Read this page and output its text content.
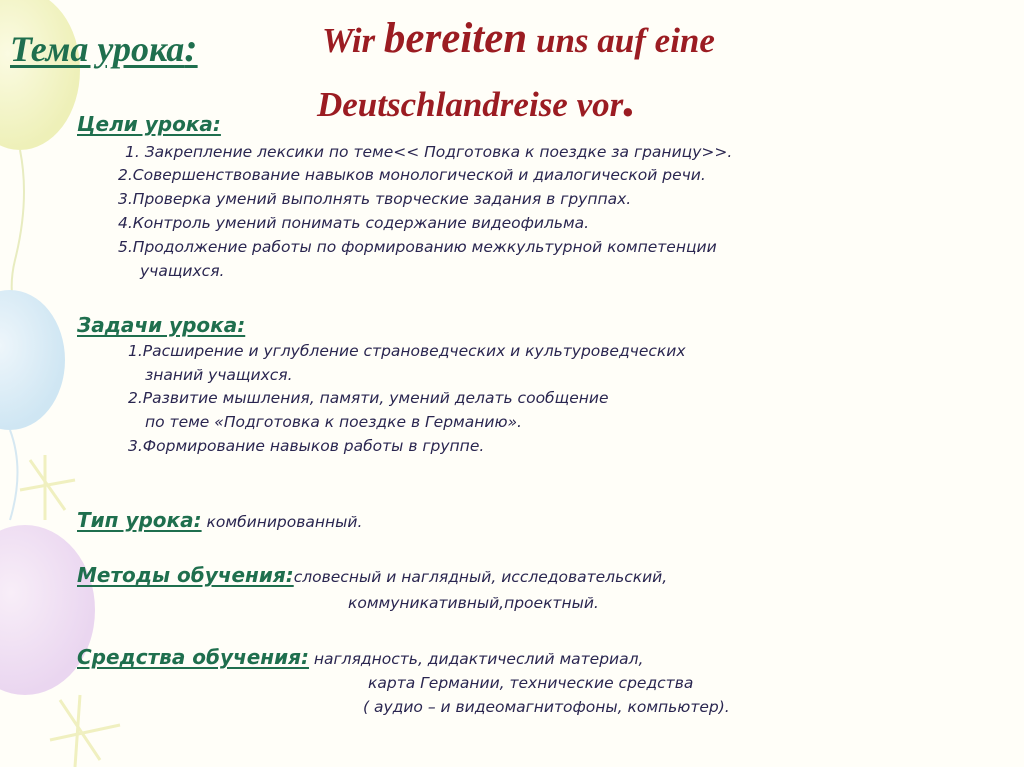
Тема урока:	Wir bereiten uns auf eine
Deutschlandreise vor.
Цели урока:
1. Закрепление лексики по теме<< Подготовка к поездке за границу>>.
2.Совершенствование навыков монологической и диалогической речи.
3.Проверка умений выполнять творческие задания в группах.
4.Контроль умений понимать содержание видеофильма.
5.Продолжение работы по формированию межкультурной компетенции
учащихся.
Задачи урока:
1.Расширение и углубление страноведческих и культуроведческих
знаний учащихся.
2.Развитие мышления, памяти, умений делать сообщение
по теме «Подготовка к поездке в Германию».
3.Формирование навыков работы в группе.
Тип урока: комбинированный.
Методы обучения:словесный и наглядный, исследовательский,
коммуникативный,проектный.
Средства обучения: наглядность, дидактичеслий материал,
карта Германии, технические средства
( аудио – и видеомагнитофоны, компьютер).
